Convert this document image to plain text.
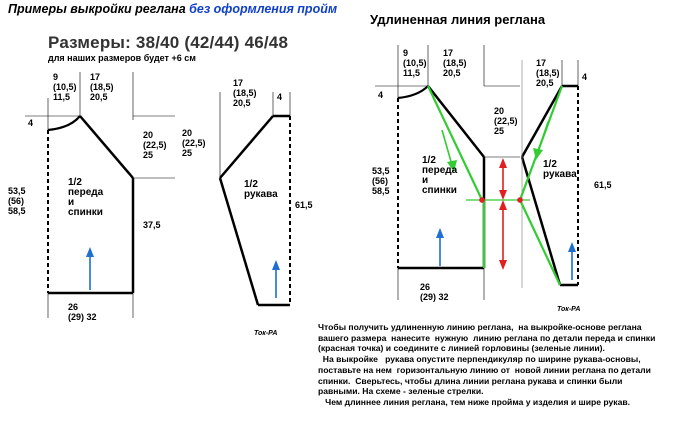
Примеры выкройки реглана без оформления пройм
Удлиненная линия реглана
Размеры: 38/40 (42/44) 46/48
для наших размеров будет +6 см
9
(10,5)
11,5
17
(18,5)
20,5
4
20
(22,5)
25
53,5
(56)
58,5
1/2
переда
и
спинки
37,5
26
(29) 32
17
(18,5)
20,5
4
20
(22,5)
25
1/2
рукава
61,5
Ток-РА
9
(10,5)
11,5
17
(18,5)
20,5
4
20
(22,5)
25
53,5
(56)
58,5
1/2
переда
и
спинки
26
(29) 32
17
(18,5)
20,5
4
1/2
рукава
61,5
Ток-РА
Чтобы получить удлиненную линию реглана,  на выкройке-основе реглана
вашего размера  нанесите  нужную  линию реглана по детали переда и спинки
(красная точка) и соедините с линией горловины (зеленые линии).
На выкройке   рукава опустите перпендикуляр по ширине рукава-основы,
поставьте на нем  горизонтальную линию от  новой линии реглана по детали
спинки.  Сверьтесь, чтобы длина линии реглана рукава и спинки были
равными. На схеме - зеленые стрелки.
Чем длиннее линия реглана, тем ниже пройма у изделия и шире рукав.
